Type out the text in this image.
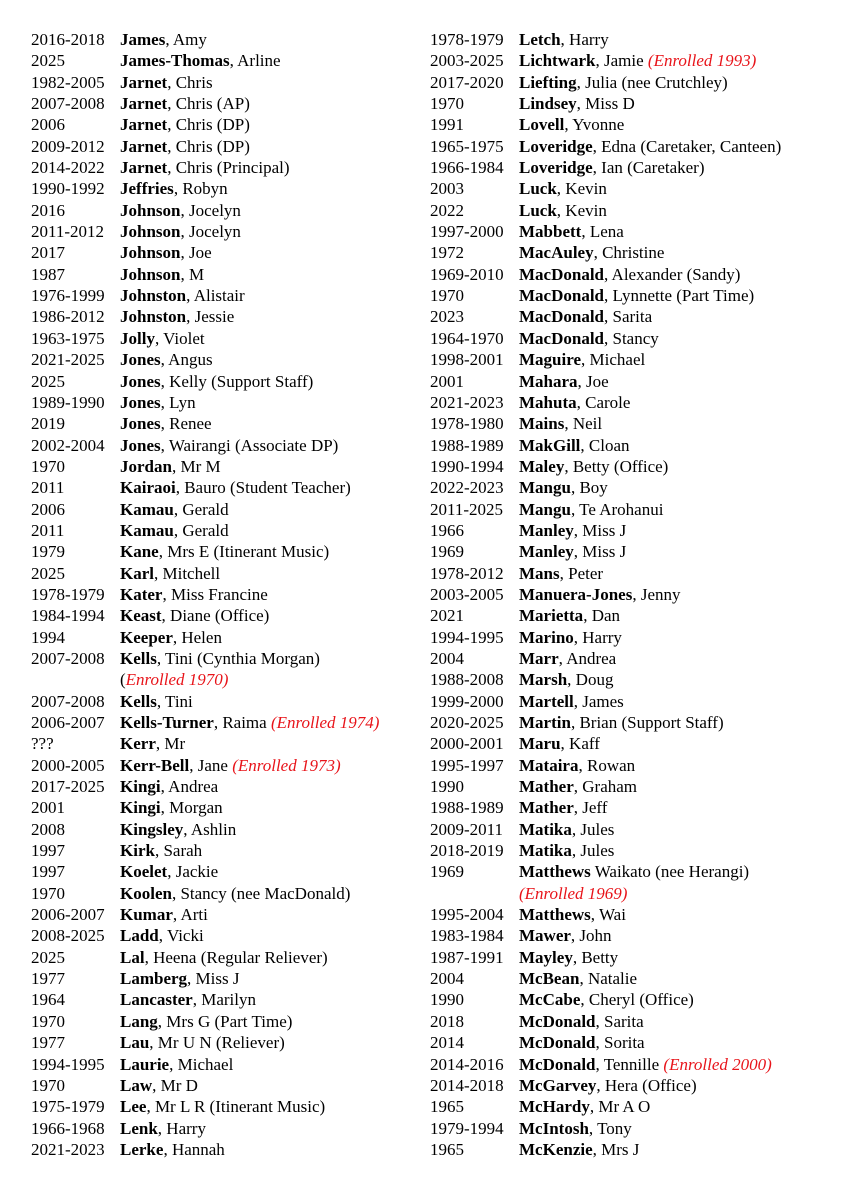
2016-2018 James, Amy
2025	James-Thomas, Arline
1982-2005 Jarnet, Chris
2007-2008 Jarnet, Chris (AP)
2006	Jarnet, Chris (DP)
2009-2012 Jarnet, Chris (DP)
2014-2022 Jarnet, Chris (Principal)
1990-1992 Jeffries, Robyn
2016	Johnson, Jocelyn
2011-2012 Johnson, Jocelyn
2017	Johnson, Joe
1987	Johnson, M
1976-1999 Johnston, Alistair
1986-2012 Johnston, Jessie
1963-1975 Jolly, Violet
2021-2025 Jones, Angus
2025	Jones, Kelly (Support Staff)
1989-1990 Jones, Lyn
2019	Jones, Renee
2002-2004 Jones, Wairangi (Associate DP)
1970	Jordan, Mr M
2011	Kairaoi, Bauro (Student Teacher)
2006	Kamau, Gerald
2011	Kamau, Gerald
1979	Kane, Mrs E (Itinerant Music)
2025	Karl, Mitchell
1978-1979 Kater, Miss Francine
1984-1994 Keast, Diane (Office)
1994	Keeper, Helen
2007-2008 Kells, Tini (Cynthia Morgan)
(Enrolled 1970)
2007-2008 Kells, Tini
2006-2007 Kells-Turner, Raima (Enrolled 1974)
???	Kerr, Mr
2000-2005 Kerr-Bell, Jane (Enrolled 1973)
2017-2025 Kingi, Andrea
2001	Kingi, Morgan
2008	Kingsley, Ashlin
1997	Kirk, Sarah
1997	Koelet, Jackie
1970	Koolen, Stancy (nee MacDonald)
2006-2007 Kumar, Arti
2008-2025 Ladd, Vicki
2025	Lal, Heena (Regular Reliever)
1977	Lamberg, Miss J
1964	Lancaster, Marilyn
1970	Lang, Mrs G (Part Time)
1977	Lau, Mr U N (Reliever)
1994-1995 Laurie, Michael
1970	Law, Mr D
1975-1979 Lee, Mr L R (Itinerant Music)
1966-1968 Lenk, Harry
2021-2023 Lerke, Hannah
1978-1979 Letch, Harry
2003-2025 Lichtwark, Jamie (Enrolled 1993)
2017-2020 Liefting, Julia (nee Crutchley)
1970	Lindsey, Miss D
1991	Lovell, Yvonne
1965-1975 Loveridge, Edna (Caretaker, Canteen)
1966-1984 Loveridge, Ian (Caretaker)
2003	Luck, Kevin
2022	Luck, Kevin
1997-2000 Mabbett, Lena
1972	MacAuley, Christine
1969-2010 MacDonald, Alexander (Sandy)
1970	MacDonald, Lynnette (Part Time)
2023	MacDonald, Sarita
1964-1970 MacDonald, Stancy
1998-2001 Maguire, Michael
2001	Mahara, Joe
2021-2023 Mahuta, Carole
1978-1980 Mains, Neil
1988-1989 MakGill, Cloan
1990-1994 Maley, Betty (Office)
2022-2023 Mangu, Boy
2011-2025 Mangu, Te Arohanui
1966	Manley, Miss J
1969	Manley, Miss J
1978-2012 Mans, Peter
2003-2005 Manuera-Jones, Jenny
2021	Marietta, Dan
1994-1995 Marino, Harry
2004	Marr, Andrea
1988-2008 Marsh, Doug
1999-2000 Martell, James
2020-2025 Martin, Brian (Support Staff)
2000-2001 Maru, Kaff
1995-1997 Mataira, Rowan
1990	Mather, Graham
1988-1989 Mather, Jeff
2009-2011 Matika, Jules
2018-2019 Matika, Jules
1969	Matthews Waikato (nee Herangi)
(Enrolled 1969)
1995-2004 Matthews, Wai
1983-1984 Mawer, John
1987-1991 Mayley, Betty
2004	McBean, Natalie
1990	McCabe, Cheryl (Office)
2018	McDonald, Sarita
2014	McDonald, Sorita
2014-2016 McDonald, Tennille (Enrolled 2000)
2014-2018 McGarvey, Hera (Office)
1965	McHardy, Mr A O
1979-1994 McIntosh, Tony
1965	McKenzie, Mrs J
